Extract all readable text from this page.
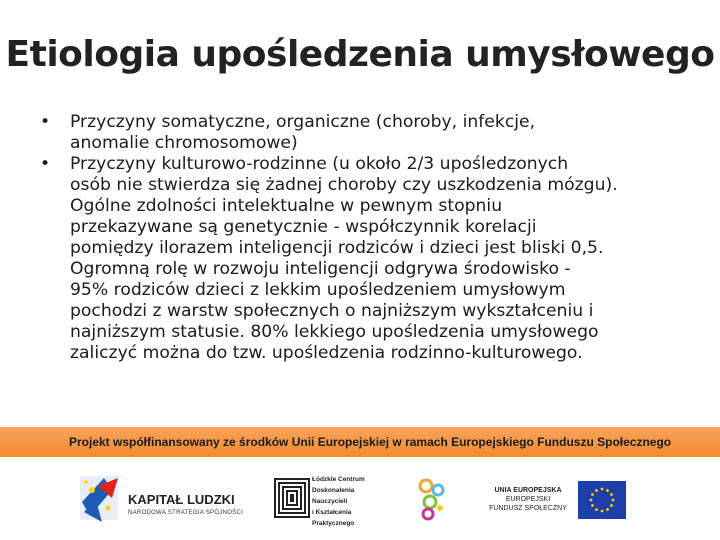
Etiologia upośledzenia umysłowego
•	Przyczyny somatyczne, organiczne (choroby, infekcje,
anomalie chromosomowe)
•	Przyczyny kulturowo-rodzinne (u około 2/3 upośledzonych
osób nie stwierdza się żadnej choroby czy uszkodzenia mózgu).
Ogólne zdolności intelektualne w pewnym stopniu
przekazywane są genetycznie - współczynnik korelacji
pomiędzy ilorazem inteligencji rodziców i dzieci jest bliski 0,5.
Ogromną rolę w rozwoju inteligencji odgrywa środowisko -
95% rodziców dzieci z lekkim upośledzeniem umysłowym
pochodzi z warstw społecznych o najniższym wykształceniu i
najniższym statusie. 80% lekkiego upośledzenia umysłowego
zaliczyć można do tzw. upośledzenia rodzinno-kulturowego.
Projekt współfinansowany ze środków Unii Europejskiej w ramach Europejskiego Funduszu Społecznego
KAPITAŁ LUDZKI
NARODOWA STRATEGIA SPÓJNOŚCI
Łódzkie Centrum
Doskonalenia Nauczycieli
i Kształcenia Praktycznego
UNIA EUROPEJSKA
EUROPEJSKI
FUNDUSZ SPOŁECZNY
